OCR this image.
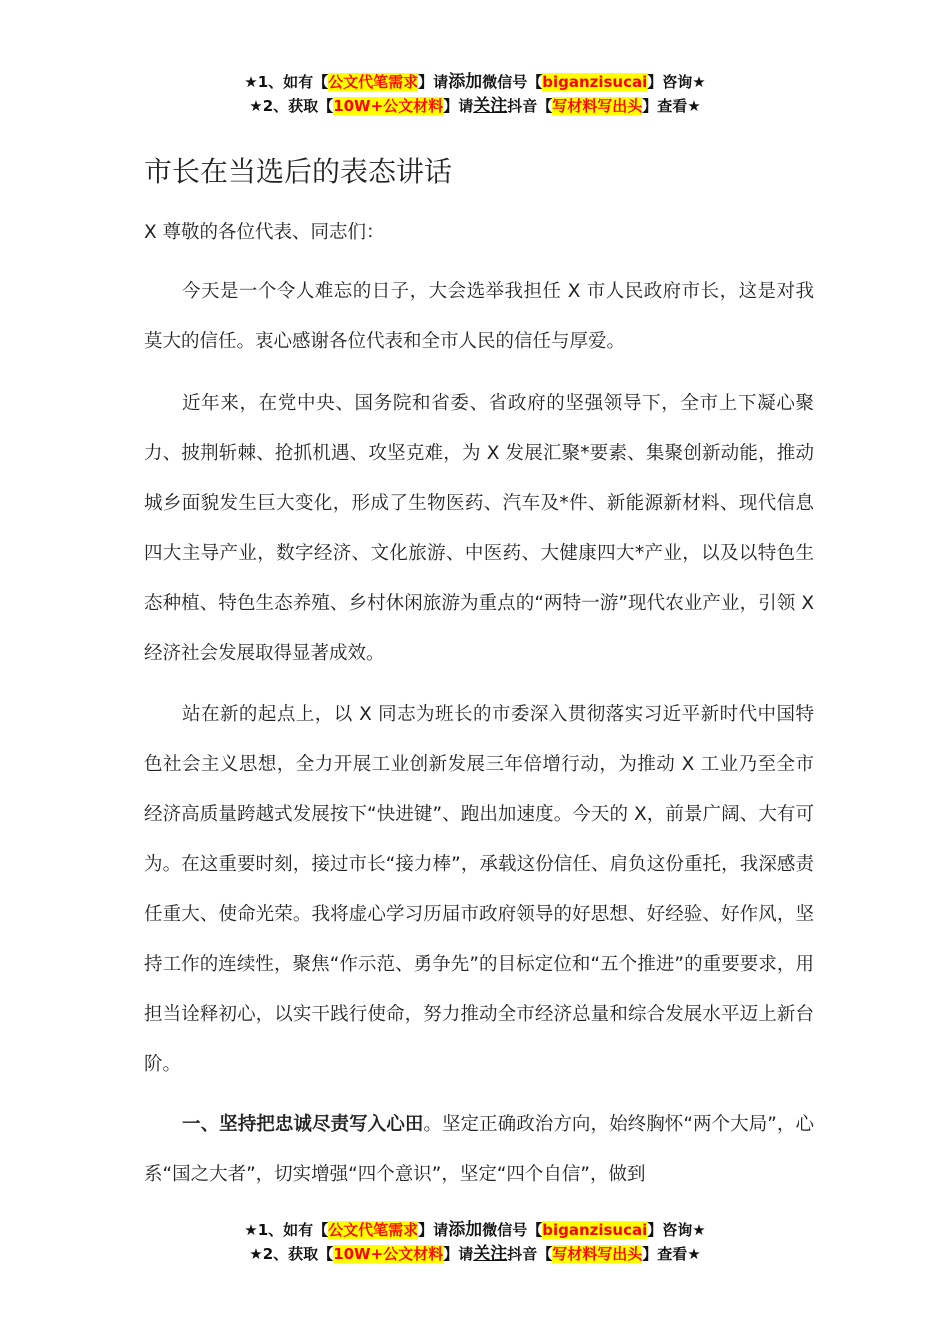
★1、如有【公文代笔需求】请添加微信号【biganzisucai】咨询★
★2、获取【10W+公文材料】请关注抖音【写材料写出头】查看★
市长在当选后的表态讲话
X 尊敬的各位代表、同志们：
今天是一个令人难忘的日子，大会选举我担任 X 市人民政府市长，这是对我莫大的信任。衷心感谢各位代表和全市人民的信任与厚爱。
近年来，在党中央、国务院和省委、省政府的坚强领导下，全市上下凝心聚力、披荆斩棘、抢抓机遇、攻坚克难，为 X 发展汇聚*要素、集聚创新动能，推动城乡面貌发生巨大变化，形成了生物医药、汽车及*件、新能源新材料、现代信息四大主导产业，数字经济、文化旅游、中医药、大健康四大*产业，以及以特色生态种植、特色生态养殖、乡村休闲旅游为重点的“两特一游”现代农业产业，引领 X 经济社会发展取得显著成效。
站在新的起点上，以 X 同志为班长的市委深入贯彻落实习近平新时代中国特色社会主义思想，全力开展工业创新发展三年倍增行动，为推动 X 工业乃至全市经济高质量跨越式发展按下“快进键”、跑出加速度。今天的 X，前景广阔、大有可为。在这重要时刻，接过市长“接力棒”，承载这份信任、肩负这份重托，我深感责任重大、使命光荣。我将虚心学习历届市政府领导的好思想、好经验、好作风，坚持工作的连续性，聚焦“作示范、勇争先”的目标定位和“五个推进”的重要要求，用担当诠释初心，以实干践行使命，努力推动全市经济总量和综合发展水平迈上新台阶。
一、坚持把忠诚尽责写入心田。坚定正确政治方向，始终胸怀“两个大局”，心系“国之大者”，切实增强“四个意识”，坚定“四个自信”，做到
★1、如有【公文代笔需求】请添加微信号【biganzisucai】咨询★
★2、获取【10W+公文材料】请关注抖音【写材料写出头】查看★
